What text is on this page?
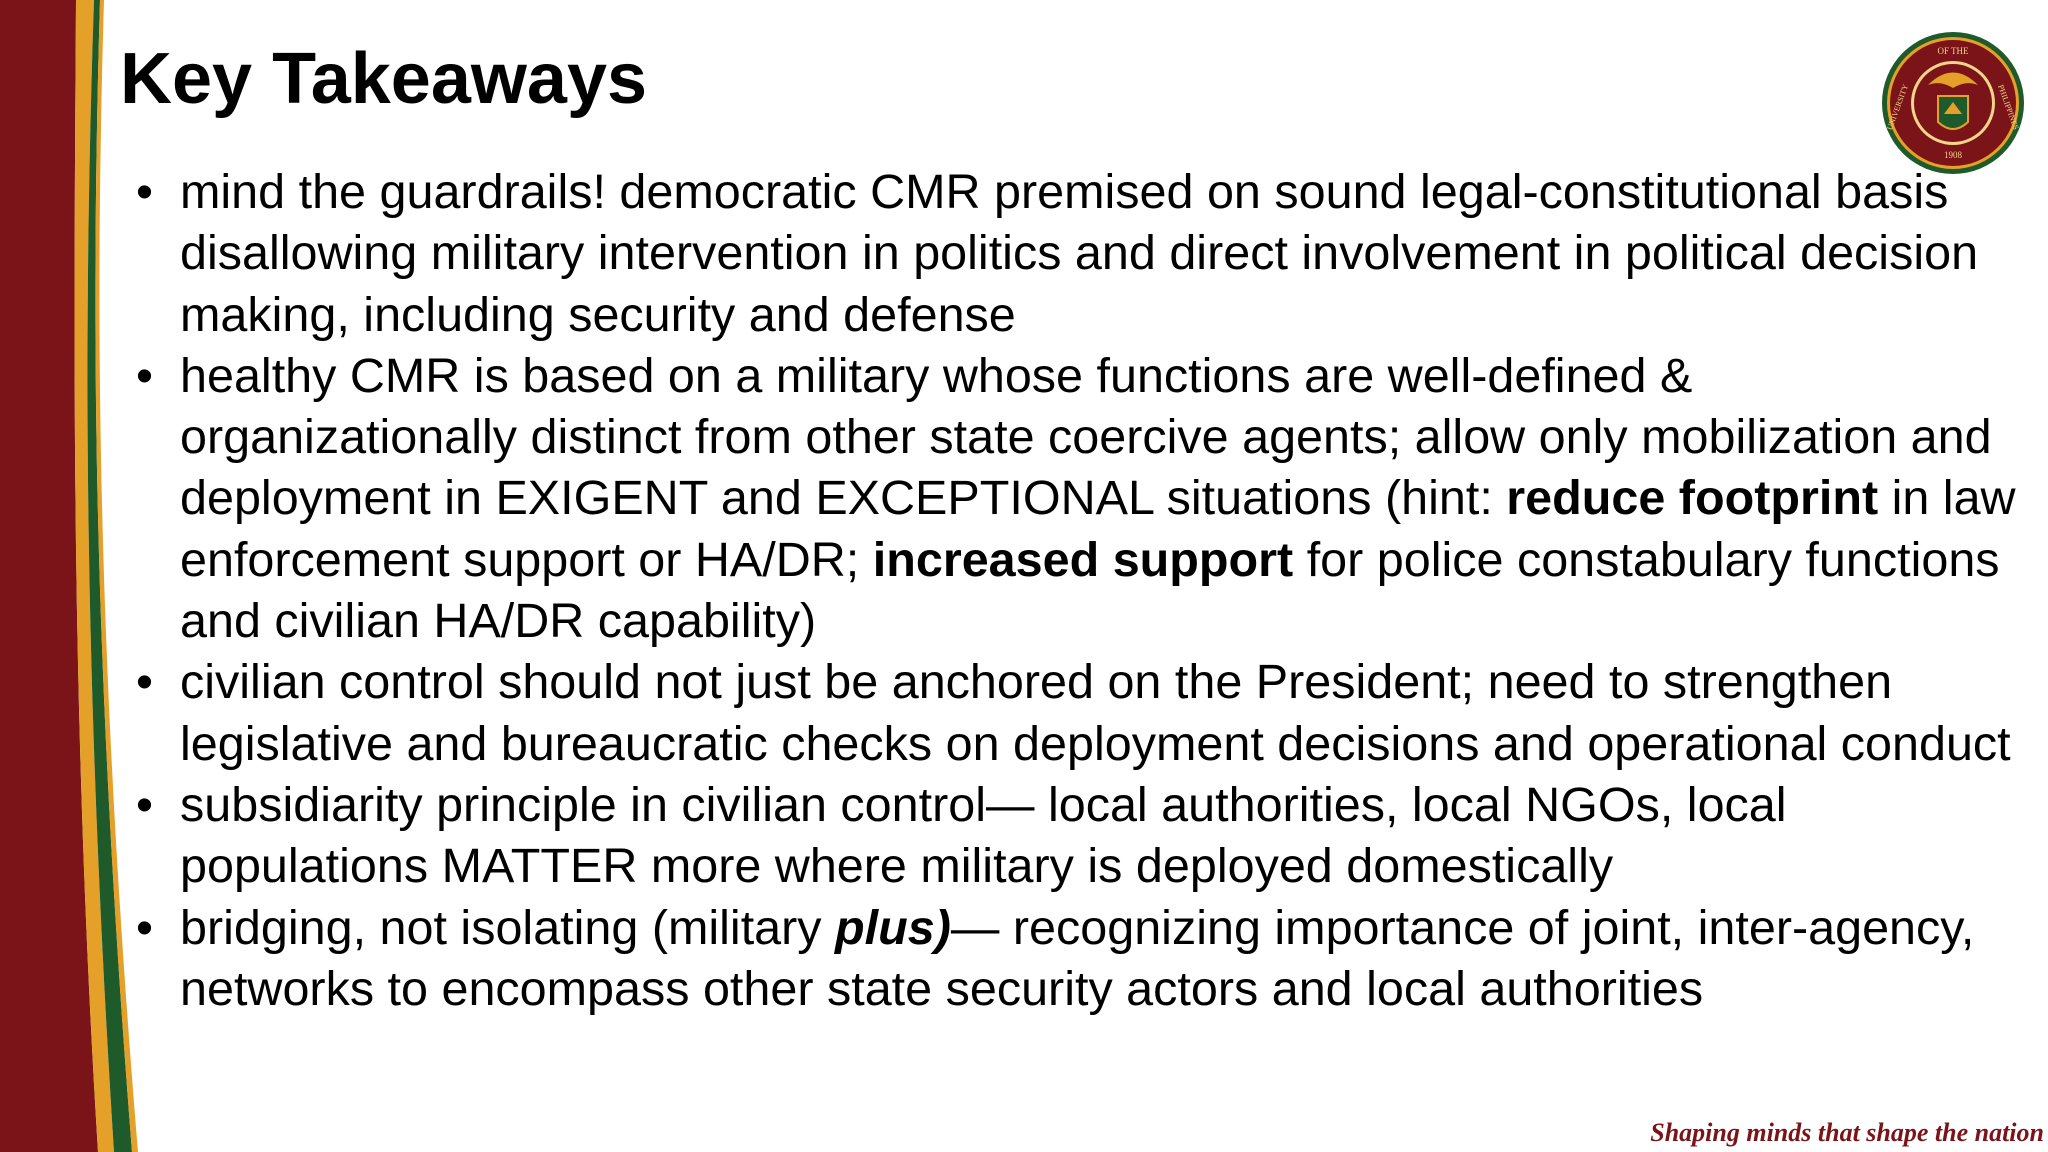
Key Takeaways	OF THE
UNIVERSITY	PHILIPPINES
1908
• mind the guardrails! democratic CMR premised on sound legal-constitutional basis disallowing military intervention in politics and direct involvement in political decision making, including security and defense
• healthy CMR is based on a military whose functions are well-defined & organizationally distinct from other state coercive agents; allow only mobilization and deployment in EXIGENT and EXCEPTIONAL situations (hint: reduce footprint in law enforcement support or HA/DR; increased support for police constabulary functions and civilian HA/DR capability)
• civilian control should not just be anchored on the President; need to strengthen legislative and bureaucratic checks on deployment decisions and operational conduct
• subsidiarity principle in civilian control— local authorities, local NGOs, local populations MATTER more where military is deployed domestically
• bridging, not isolating (military plus)— recognizing importance of joint, inter-agency, networks to encompass other state security actors and local authorities
Shaping minds that shape the nation
